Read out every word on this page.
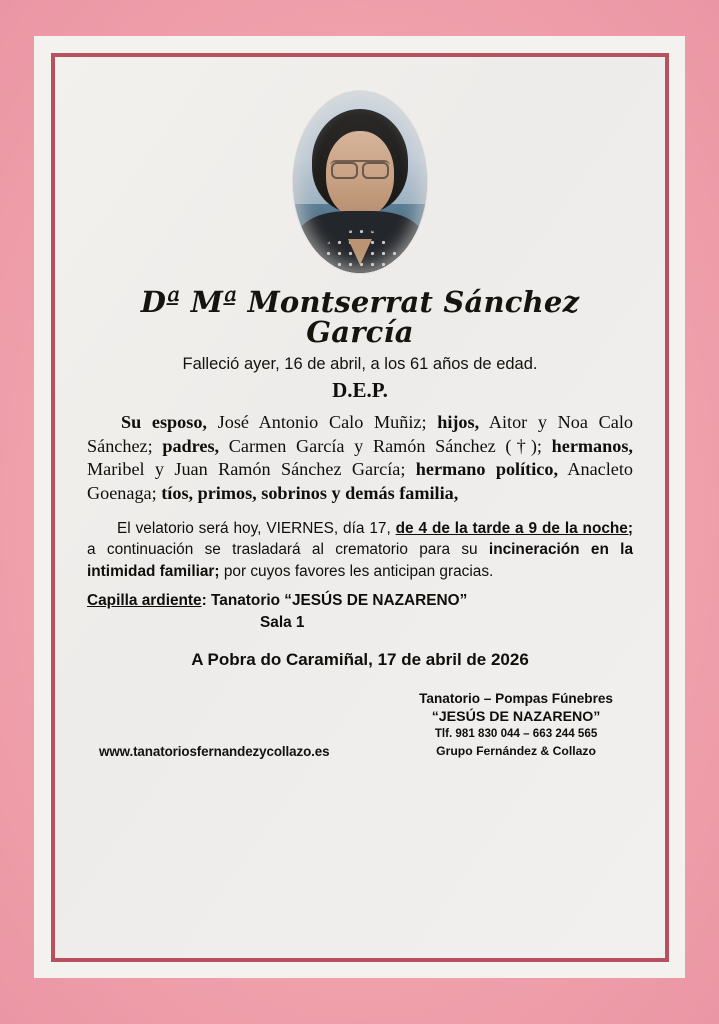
Dª Mª Montserrat Sánchez García

Falleció ayer, 16 de abril, a los 61 años de edad.

D.E.P.

Su esposo, José Antonio Calo Muñiz; hijos, Aitor y Noa Calo Sánchez; padres, Carmen García y Ramón Sánchez (†); hermanos, Maribel y Juan Ramón Sánchez García; hermano político, Anacleto Goenaga; tíos, primos, sobrinos y demás familia,

El velatorio será hoy, VIERNES, día 17, de 4 de la tarde a 9 de la noche; a continuación se trasladará al crematorio para su incineración en la intimidad familiar; por cuyos favores les anticipan gracias.

Capilla ardiente: Tanatorio “JESÚS DE NAZARENO”

Sala 1

A Pobra do Caramiñal, 17 de abril de 2026

www.tanatoriosfernandezycollazo.es
Tanatorio – Pompas Fúnebres
“JESÚS DE NAZARENO”
Tlf. 981 830 044 – 663 244 565
Grupo Fernández & Collazo
